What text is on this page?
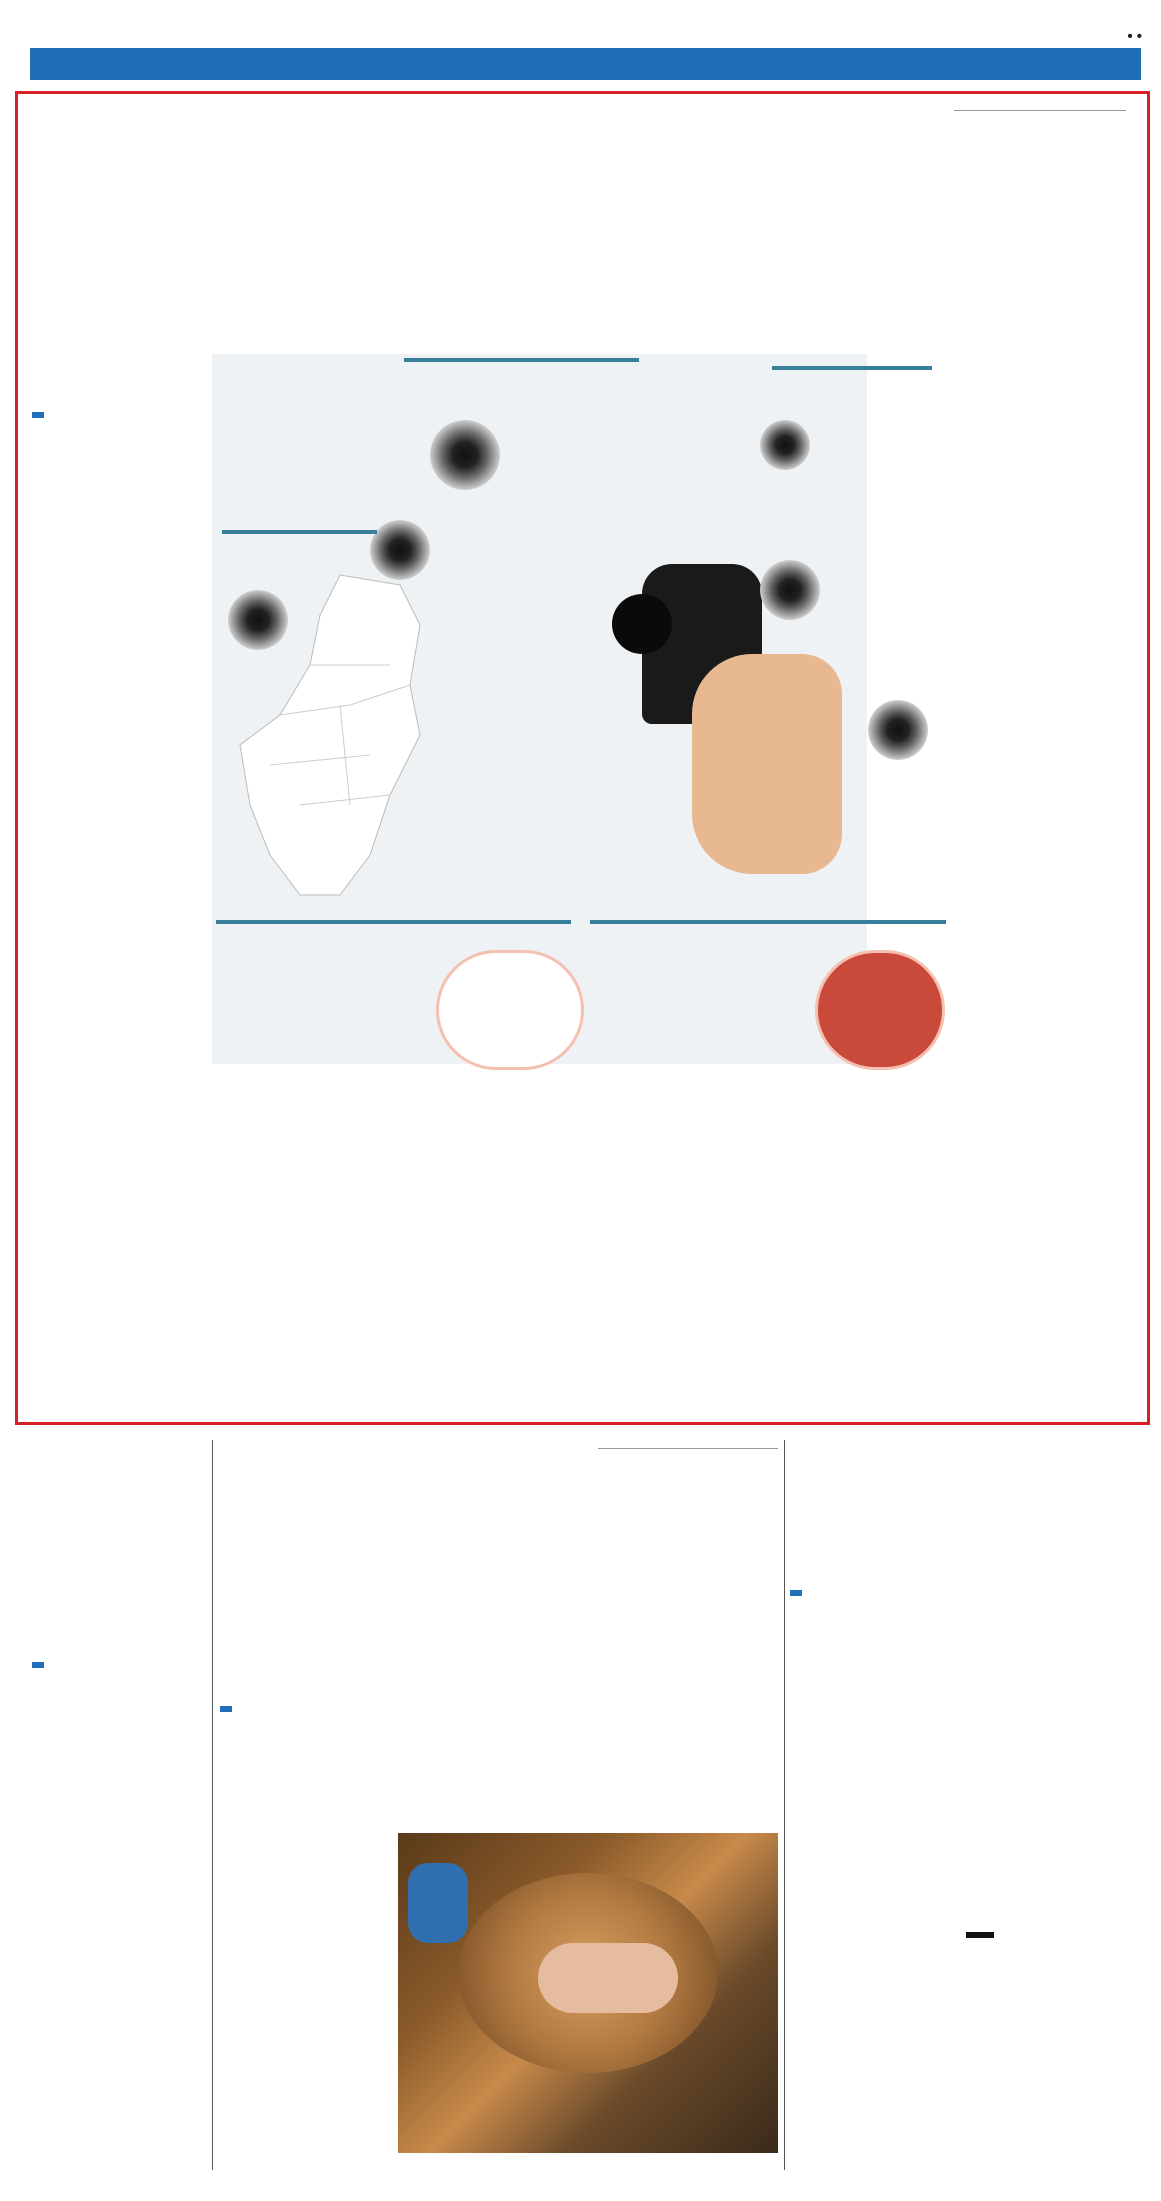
• •
